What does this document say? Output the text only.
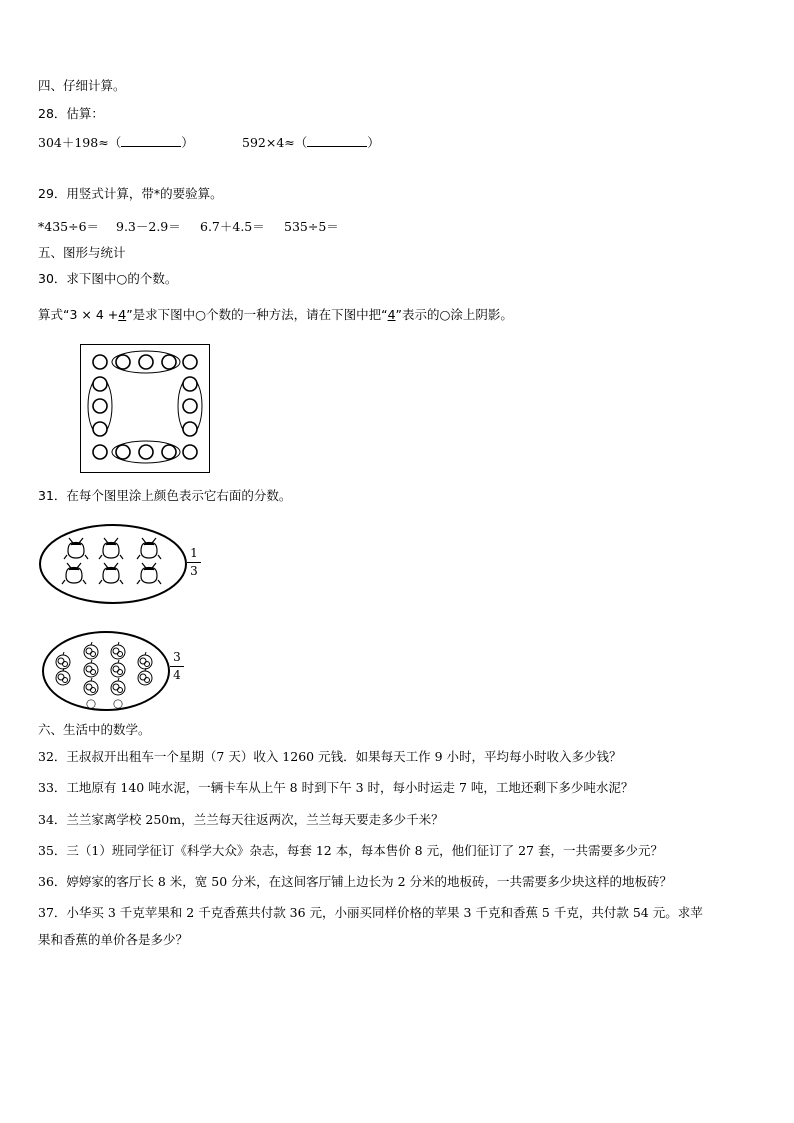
四、仔细计算。
28．估算：
304＋198≈（	）	592×4≈（	）
29．用竖式计算，带*的要验算。
*435÷6＝ 9.3－2.9＝ 6.7＋4.5＝ 535÷5＝
五、图形与统计
30．求下图中○的个数。
算式“3 × 4 +4”是求下图中○个数的一种方法，请在下图中把“4”表示的○涂上阴影。
31．在每个图里涂上颜色表示它右面的分数。
1
3
3
4
六、生活中的数学。
32．王叔叔开出租车一个星期（7 天）收入 1260 元钱．如果每天工作 9 小时，平均每小时收入多少钱？
33．工地原有 140 吨水泥，一辆卡车从上午 8 时到下午 3 时，每小时运走 7 吨，工地还剩下多少吨水泥？
34．兰兰家离学校 250m，兰兰每天往返两次，兰兰每天要走多少千米？
35．三（1）班同学征订《科学大众》杂志，每套 12 本，每本售价 8 元，他们征订了 27 套，一共需要多少元？
36．婷婷家的客厅长 8 米，宽 50 分米，在这间客厅铺上边长为 2 分米的地板砖，一共需要多少块这样的地板砖？
37．小华买 3 千克苹果和 2 千克香蕉共付款 36 元，小丽买同样价格的苹果 3 千克和香蕉 5 千克，共付款 54 元。求苹
果和香蕉的单价各是多少？
